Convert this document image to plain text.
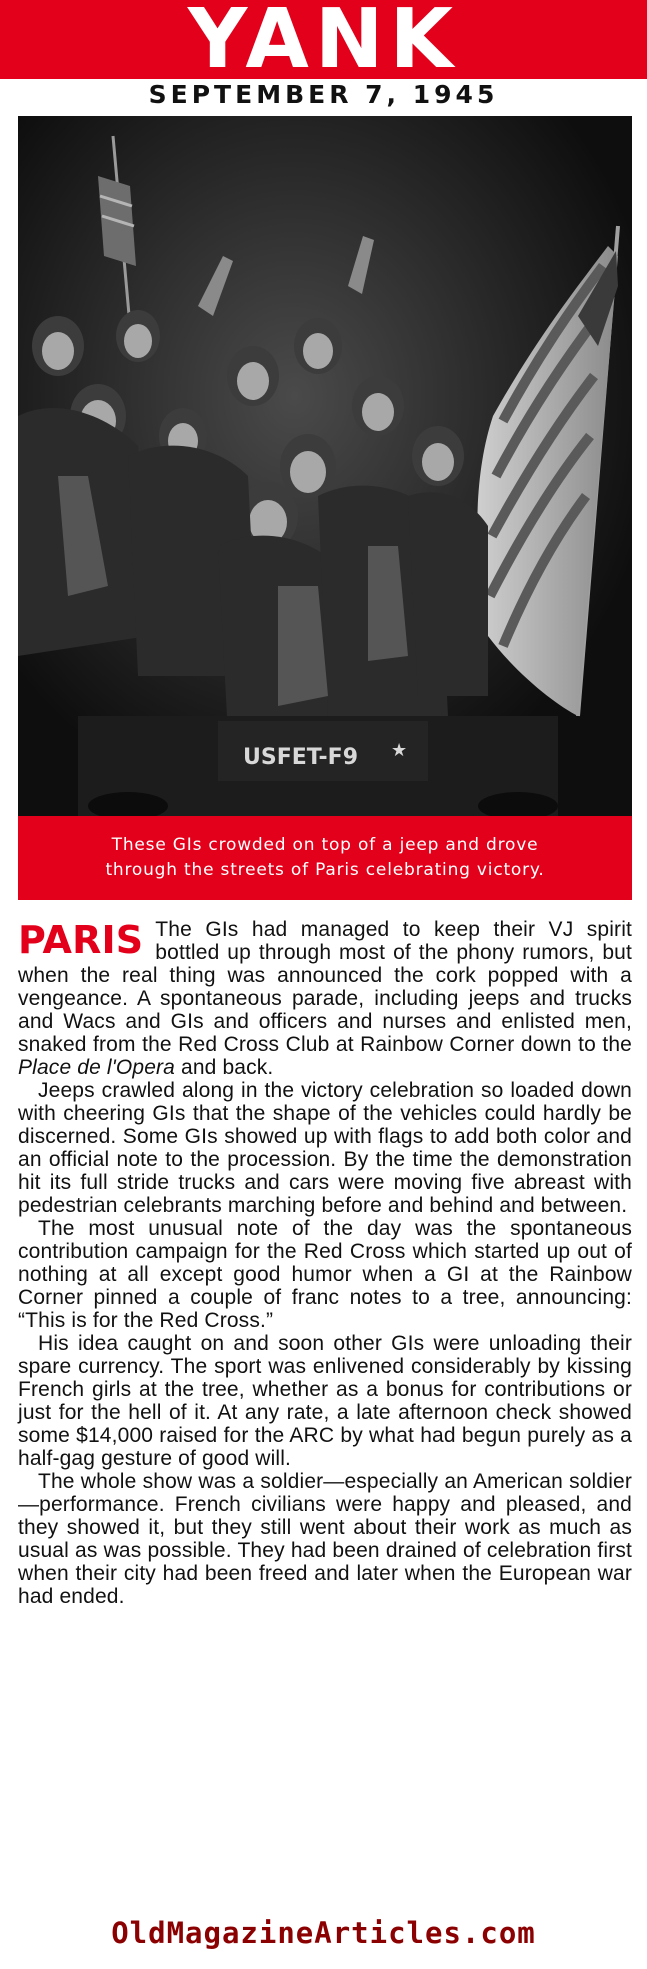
YANK
SEPTEMBER 7, 1945
USFET-F9 ★
These GIs crowded on top of a jeep and drove
through the streets of Paris celebrating victory.

PARIS The GIs had managed to keep their VJ spirit bottled up through most of the phony rumors, but when the real thing was announced the cork popped with a vengeance. A spontaneous parade, including jeeps and trucks and Wacs and GIs and officers and nurses and enlisted men, snaked from the Red Cross Club at Rainbow Corner down to the Place de l'Opera and back.

Jeeps crawled along in the victory celebration so loaded down with cheering GIs that the shape of the vehicles could hardly be discerned. Some GIs showed up with flags to add both color and an official note to the procession. By the time the demonstration hit its full stride trucks and cars were moving five abreast with pedestrian celebrants marching before and behind and between.

The most unusual note of the day was the spontaneous contribution campaign for the Red Cross which started up out of nothing at all except good humor when a GI at the Rainbow Corner pinned a couple of franc notes to a tree, announcing: “This is for the Red Cross.”

His idea caught on and soon other GIs were unloading their spare currency. The sport was enlivened considerably by kissing French girls at the tree, whether as a bonus for contributions or just for the hell of it. At any rate, a late afternoon check showed some $14,000 raised for the ARC by what had begun purely as a half-gag gesture of good will.

The whole show was a soldier—especially an American soldier—performance. French civilians were happy and pleased, and they showed it, but they still went about their work as much as usual as was possible. They had been drained of celebration first when their city had been freed and later when the European war had ended.

OldMagazineArticles.com
